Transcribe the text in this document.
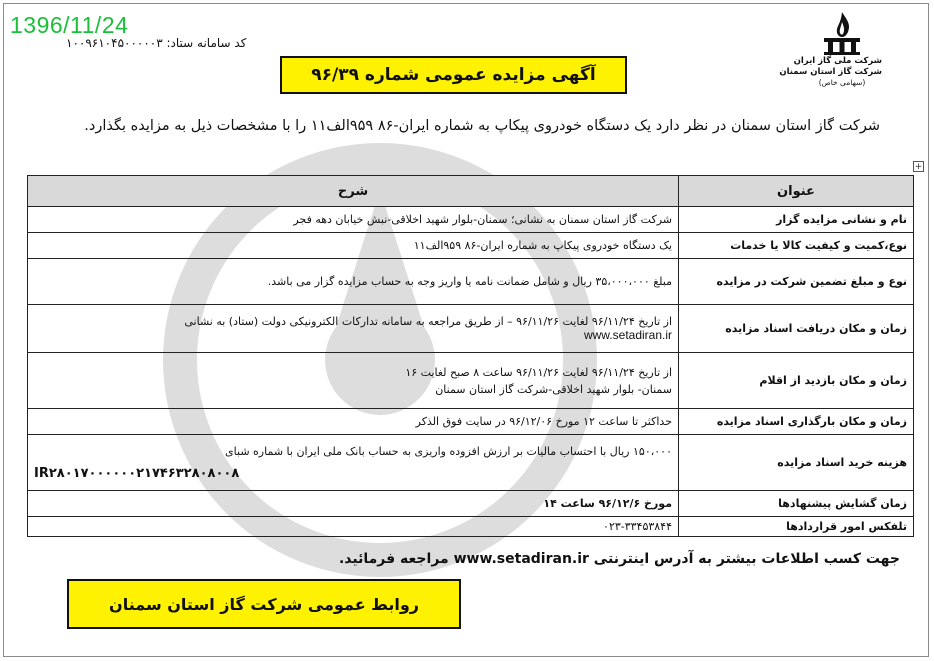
1396/11/24
کد سامانه ستاد: ۱۰۰۹۶۱۰۴۵۰۰۰۰۰۳
شرکت ملی گاز ایران
شرکت گاز استان سمنان
(سهامی خاص)
آگهی مزایده عمومی شماره ۹۶/۳۹
شرکت گاز استان سمنان در نظر دارد یک دستگاه خودروی پیکاپ به شماره ایران-۸۶ ۹۵۹الف۱۱ را با مشخصات ذیل به مزایده بگذارد.
+
عنوان	شرح
نام و نشانی مزایده گزار	شرکت گاز استان سمنان به نشانی؛ سمنان-بلوار شهید اخلاقی-نبش خیابان دهه فجر
نوع،کمیت و کیفیت کالا یا خدمات	یک دستگاه خودروی پیکاپ به شماره ایران-۸۶ ۹۵۹الف۱۱
نوع و مبلغ تضمین شرکت در مزایده	مبلغ ۳۵،۰۰۰،۰۰۰ ریال و شامل ضمانت نامه یا واریز وجه به حساب مزایده گزار می باشد.
زمان و مکان دریافت اسناد مزایده	از تاریخ ۹۶/۱۱/۲۴ لغایت ۹۶/۱۱/۲۶ – از طریق مراجعه به سامانه تدارکات الکترونیکی دولت (ستاد) به نشانی
www.setadiran.ir

زمان و مکان بازدید از اقلام	از تاریخ ۹۶/۱۱/۲۴ لغایت ۹۶/۱۱/۲۶ ساعت ۸ صبح لغایت ۱۶
سمنان- بلوار شهید اخلاقی-شرکت گاز استان سمنان

زمان و مکان بارگذاری اسناد مزایده	حداکثر تا ساعت ۱۲ مورخ ۹۶/۱۲/۰۶ در سایت فوق الذکر
هزینه خرید اسناد مزایده	۱۵۰،۰۰۰ ریال با احتساب مالیات بر ارزش افزوده واریزی به حساب بانک ملی ایران با شماره شبای
IR۲۸۰۱۷۰۰۰۰۰۰۲۱۷۴۶۳۲۸۰۸۰۰۸

زمان گشایش پیشنهادها	مورخ ۹۶/۱۲/۶ ساعت ۱۴
تلفکس امور قراردادها	۰۲۳-۳۳۴۵۳۸۴۴
جهت کسب اطلاعات بیشتر به آدرس اینترنتی www.setadiran.ir مراجعه فرمائید.
روابط عمومی شرکت گاز استان سمنان
